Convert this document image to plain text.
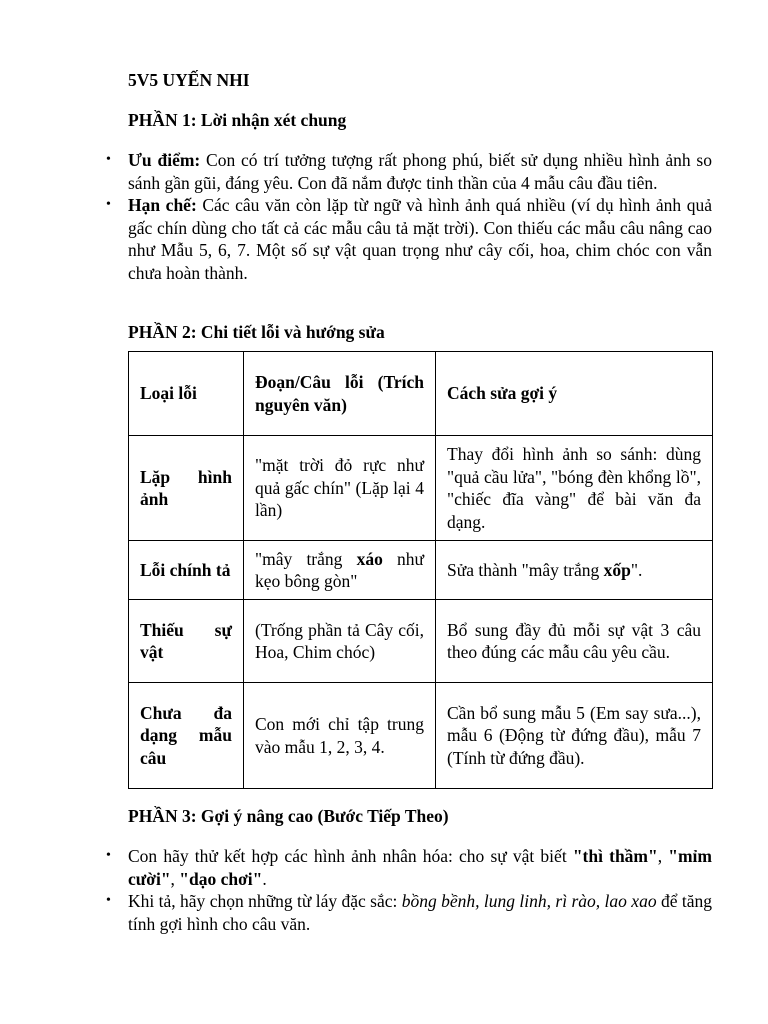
5V5 UYẾN NHI

PHẦN 1: Lời nhận xét chung

• Ưu điểm: Con có trí tưởng tượng rất phong phú, biết sử dụng nhiều hình ảnh so sánh gần gũi, đáng yêu. Con đã nắm được tinh thần của 4 mẫu câu đầu tiên.
• Hạn chế: Các câu văn còn lặp từ ngữ và hình ảnh quá nhiều (ví dụ hình ảnh quả gấc chín dùng cho tất cả các mẫu câu tả mặt trời). Con thiếu các mẫu câu nâng cao như Mẫu 5, 6, 7. Một số sự vật quan trọng như cây cối, hoa, chim chóc con vẫn chưa hoàn thành.

PHẦN 2: Chi tiết lỗi và hướng sửa

Loại lỗi	Đoạn/Câu lỗi (Trích nguyên văn)	Cách sửa gợi ý
Lặp hình ảnh	"mặt trời đỏ rực như quả gấc chín" (Lặp lại 4 lần)	Thay đổi hình ảnh so sánh: dùng "quả cầu lửa", "bóng đèn khổng lồ", "chiếc đĩa vàng" để bài văn đa dạng.
Lỗi chính tả	"mây trắng xáo như kẹo bông gòn"	Sửa thành "mây trắng xốp".
Thiếu sự vật	(Trống phần tả Cây cối, Hoa, Chim chóc)	Bổ sung đầy đủ mỗi sự vật 3 câu theo đúng các mẫu câu yêu cầu.
Chưa đa dạng mẫu câu	Con mới chỉ tập trung vào mẫu 1, 2, 3, 4.	Cần bổ sung mẫu 5 (Em say sưa...), mẫu 6 (Động từ đứng đầu), mẫu 7 (Tính từ đứng đầu).

PHẦN 3: Gợi ý nâng cao (Bước Tiếp Theo)

• Con hãy thử kết hợp các hình ảnh nhân hóa: cho sự vật biết "thì thầm", "mỉm cười", "dạo chơi".
• Khi tả, hãy chọn những từ láy đặc sắc: bồng bềnh, lung linh, rì rào, lao xao để tăng tính gợi hình cho câu văn.
